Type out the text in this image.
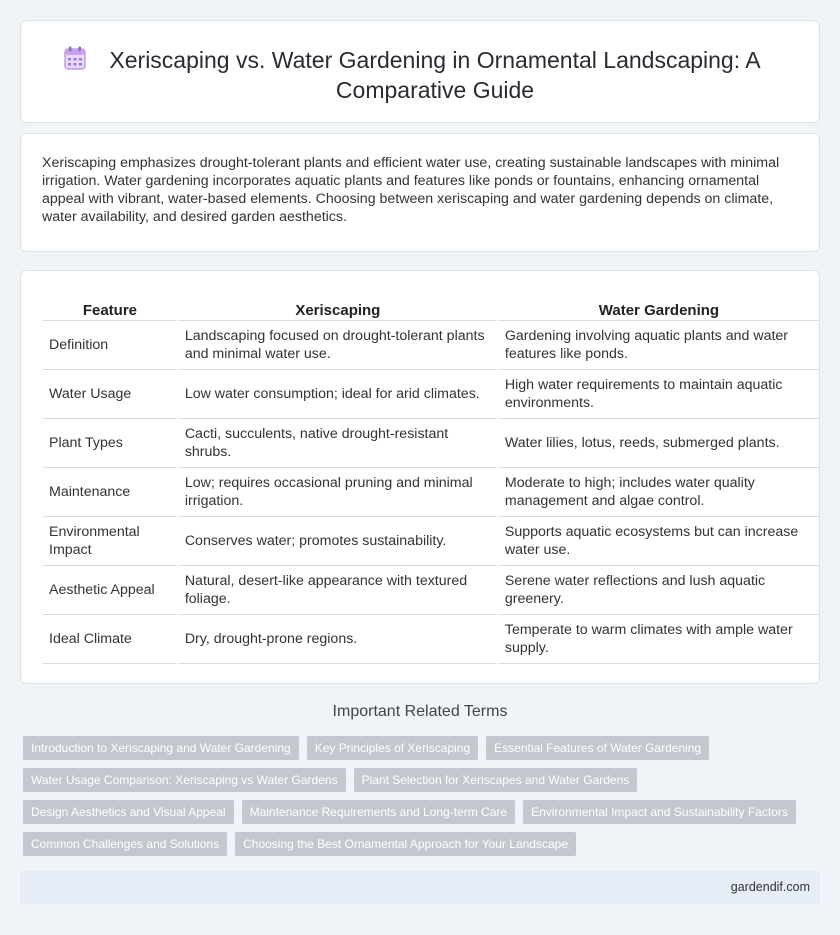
Xeriscaping vs. Water Gardening in Ornamental Landscaping: A Comparative Guide

Xeriscaping emphasizes drought-tolerant plants and efficient water use, creating sustainable landscapes with minimal irrigation. Water gardening incorporates aquatic plants and features like ponds or fountains, enhancing ornamental appeal with vibrant, water-based elements. Choosing between xeriscaping and water gardening depends on climate, water availability, and desired garden aesthetics.

Feature	Xeriscaping	Water Gardening
Definition	Landscaping focused on drought-tolerant plants and minimal water use.	Gardening involving aquatic plants and water features like ponds.
Water Usage	Low water consumption; ideal for arid climates.	High water requirements to maintain aquatic environments.
Plant Types	Cacti, succulents, native drought-resistant shrubs.	Water lilies, lotus, reeds, submerged plants.
Maintenance	Low; requires occasional pruning and minimal irrigation.	Moderate to high; includes water quality management and algae control.
Environmental Impact	Conserves water; promotes sustainability.	Supports aquatic ecosystems but can increase water use.
Aesthetic Appeal	Natural, desert-like appearance with textured foliage.	Serene water reflections and lush aquatic greenery.
Ideal Climate	Dry, drought-prone regions.	Temperate to warm climates with ample water supply.
Important Related Terms
Introduction to Xeriscaping and Water Gardening	Key Principles of Xeriscaping	Essential Features of Water Gardening
Water Usage Comparison: Xeriscaping vs Water Gardens	Plant Selection for Xeriscapes and Water Gardens
Design Aesthetics and Visual Appeal	Maintenance Requirements and Long-term Care	Environmental Impact and Sustainability Factors
Common Challenges and Solutions	Choosing the Best Ornamental Approach for Your Landscape
gardendif.com
